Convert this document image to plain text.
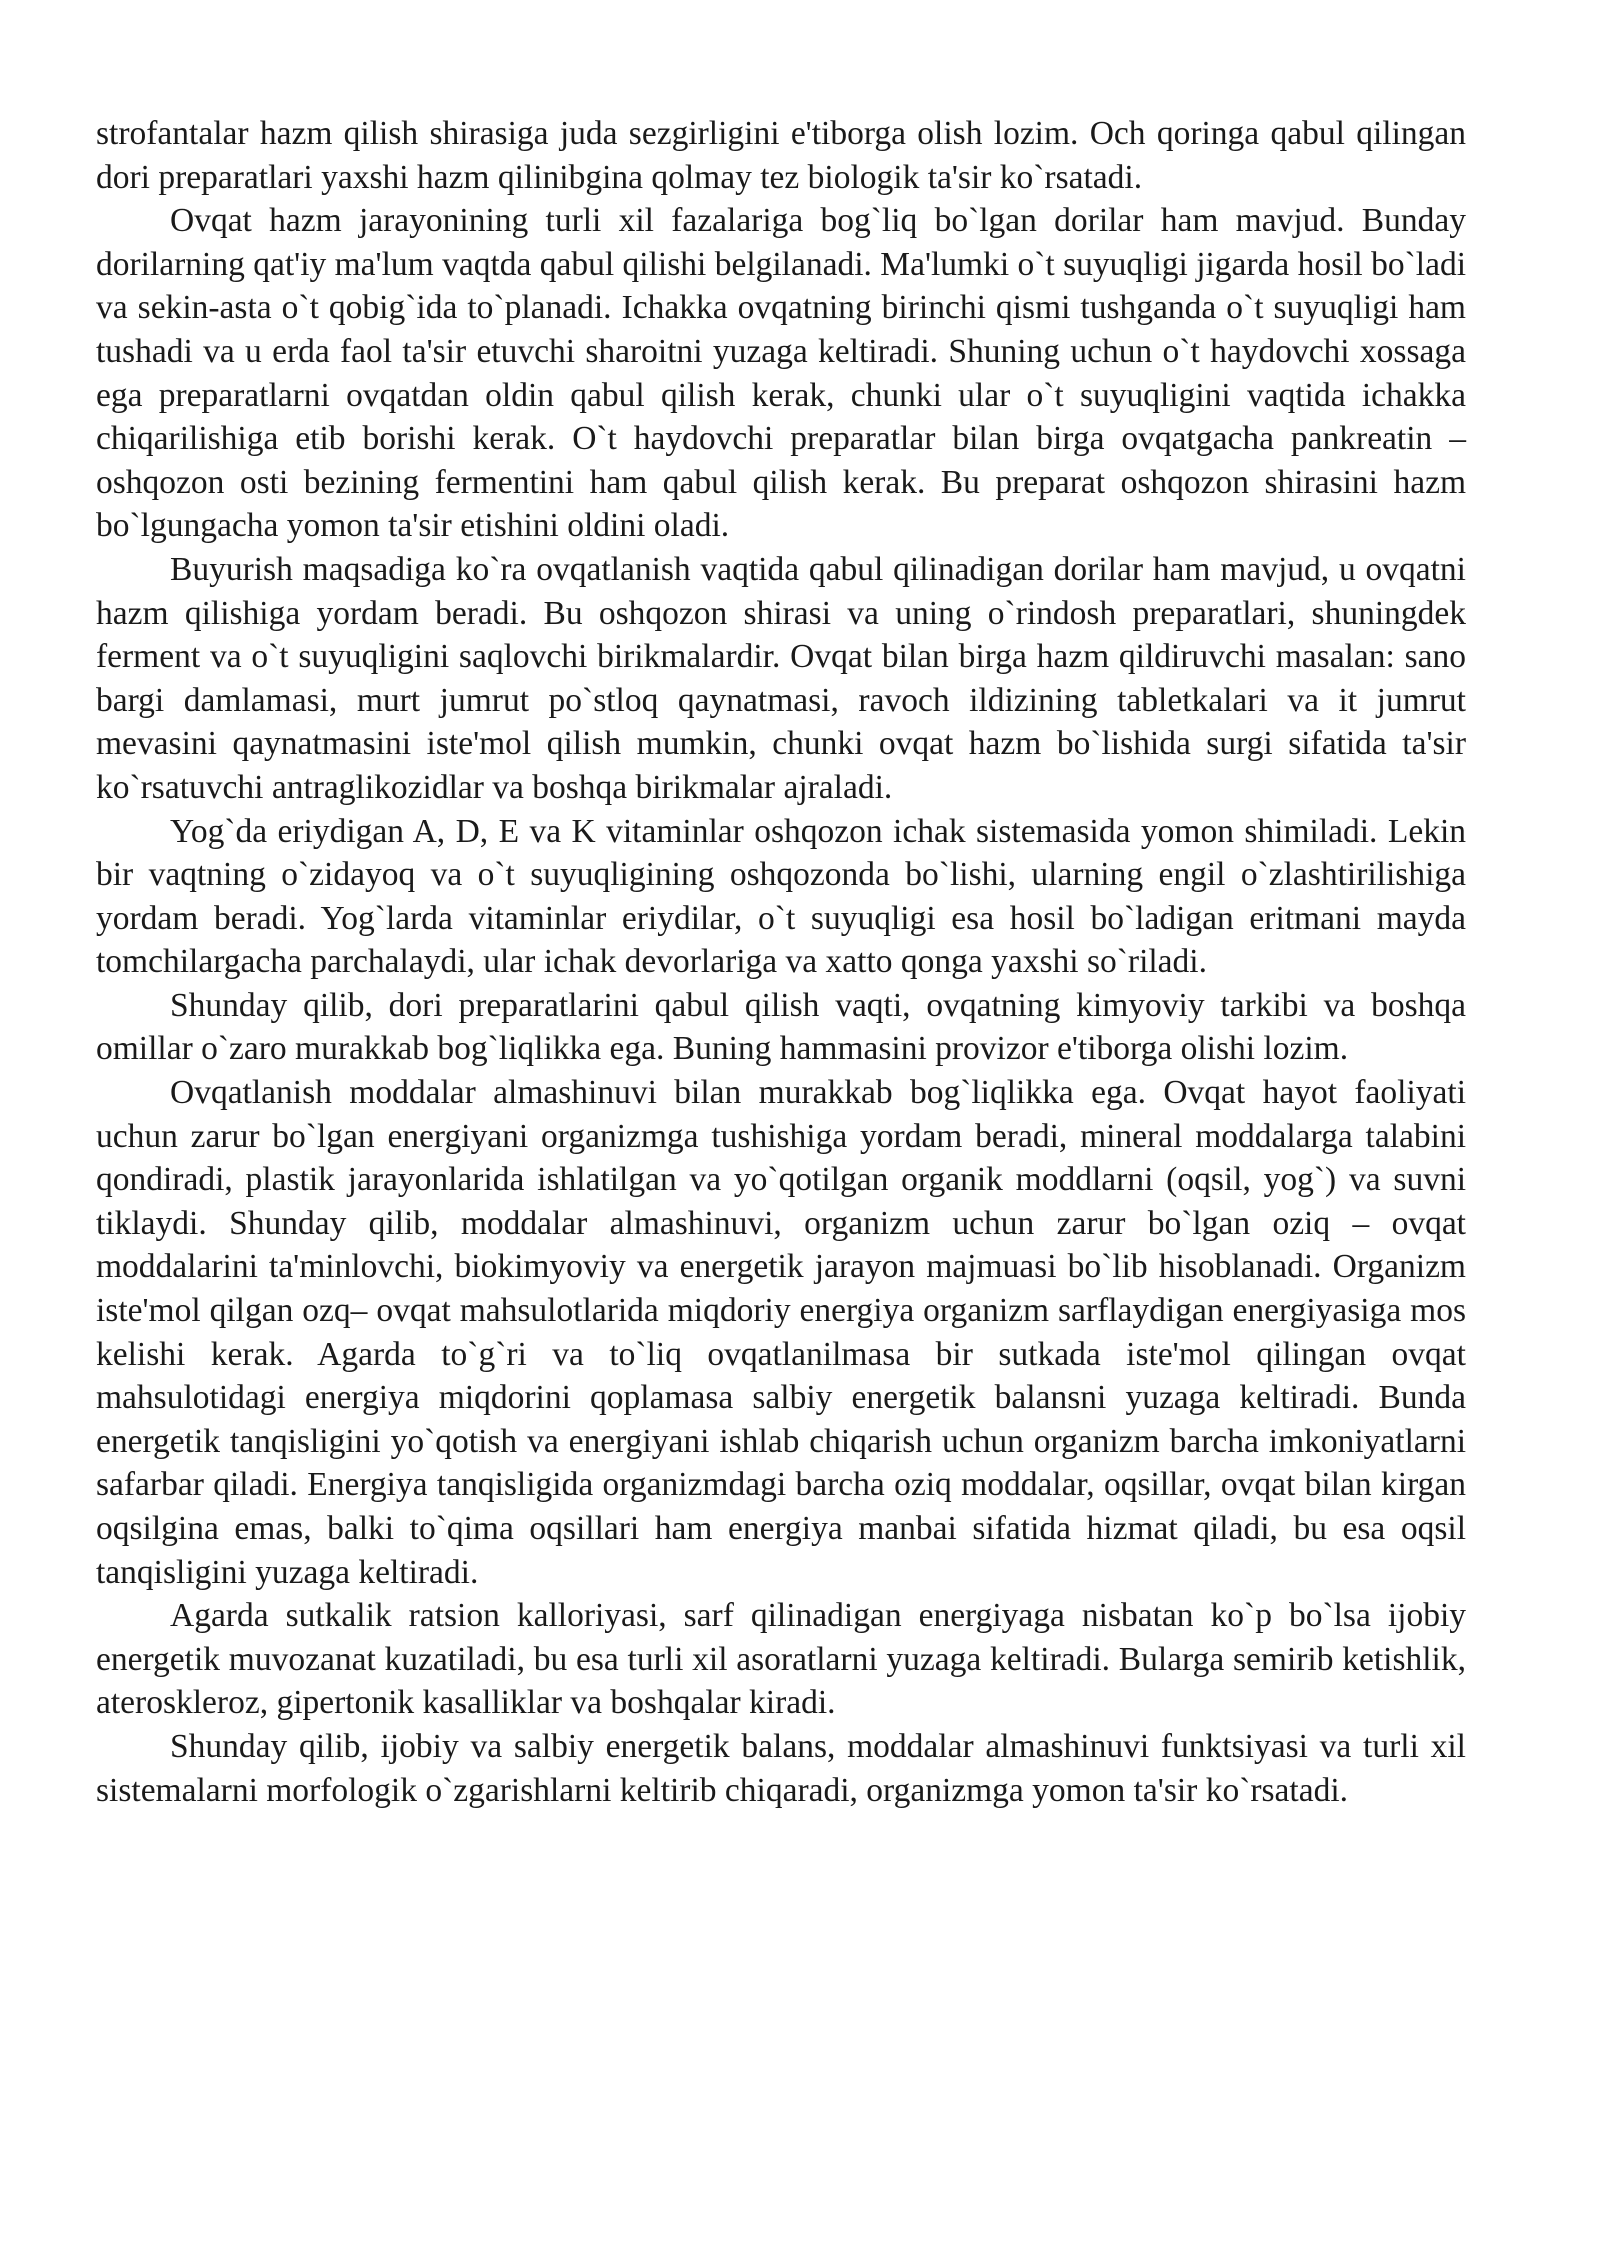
strofantalar hazm qilish shirasiga juda sezgirligini e'tiborga olish lozim. Och qoringa qabul qilingan dori preparatlari yaxshi hazm qilinibgina qolmay tez biologik ta'sir ko`rsatadi.

Ovqat hazm jarayonining turli xil fazalariga bog`liq bo`lgan dorilar ham mavjud. Bunday dorilarning qat'iy ma'lum vaqtda qabul qilishi belgilanadi. Ma'lumki o`t suyuqligi jigarda hosil bo`ladi va sekin-asta o`t qobig`ida to`planadi. Ichakka ovqatning birinchi qismi tushganda o`t suyuqligi ham tushadi va u erda faol ta'sir etuvchi sharoitni yuzaga keltiradi. Shuning uchun o`t haydovchi xossaga ega preparatlarni ovqatdan oldin qabul qilish kerak, chunki ular o`t suyuqligini vaqtida ichakka chiqarilishiga etib borishi kerak. O`t haydovchi preparatlar bilan birga ovqatgacha pankreatin – oshqozon osti bezining fermentini ham qabul qilish kerak. Bu preparat oshqozon shirasini hazm bo`lgungacha yomon ta'sir etishini oldini oladi.

Buyurish maqsadiga ko`ra ovqatlanish vaqtida qabul qilinadigan dorilar ham mavjud, u ovqatni hazm qilishiga yordam beradi. Bu oshqozon shirasi va uning o`rindosh preparatlari, shuningdek ferment va o`t suyuqligini saqlovchi birikmalardir. Ovqat bilan birga hazm qildiruvchi masalan: sano bargi damlamasi, murt jumrut po`stloq qaynatmasi, ravoch ildizining tabletkalari va it jumrut mevasini qaynatmasini iste'mol qilish mumkin, chunki ovqat hazm bo`lishida surgi sifatida ta'sir ko`rsatuvchi antraglikozidlar va boshqa birikmalar ajraladi.

Yog`da eriydigan A, D, E va K vitaminlar oshqozon ichak sistemasida yomon shimiladi. Lekin bir vaqtning o`zidayoq va o`t suyuqligining oshqozonda bo`lishi, ularning engil o`zlashtirilishiga yordam beradi. Yog`larda vitaminlar eriydilar, o`t suyuqligi esa hosil bo`ladigan eritmani mayda tomchilargacha parchalaydi, ular ichak devorlariga va xatto qonga yaxshi so`riladi.

Shunday qilib, dori preparatlarini qabul qilish vaqti, ovqatning kimyoviy tarkibi va boshqa omillar o`zaro murakkab bog`liqlikka ega. Buning hammasini provizor e'tiborga olishi lozim.

Ovqatlanish moddalar almashinuvi bilan murakkab bog`liqlikka ega. Ovqat hayot faoliyati uchun zarur bo`lgan energiyani organizmga tushishiga yordam beradi, mineral moddalarga talabini qondiradi, plastik jarayonlarida ishlatilgan va yo`qotilgan organik moddlarni (oqsil, yog`) va suvni tiklaydi. Shunday qilib, moddalar almashinuvi, organizm uchun zarur bo`lgan oziq – ovqat moddalarini ta'minlovchi, biokimyoviy va energetik jarayon majmuasi bo`lib hisoblanadi. Organizm iste'mol qilgan ozq– ovqat mahsulotlarida miqdoriy energiya organizm sarflaydigan energiyasiga mos kelishi kerak. Agarda to`g`ri va to`liq ovqatlanilmasa bir sutkada iste'mol qilingan ovqat mahsulotidagi energiya miqdorini qoplamasa salbiy energetik balansni yuzaga keltiradi. Bunda energetik tanqisligini yo`qotish va energiyani ishlab chiqarish uchun organizm barcha imkoniyatlarni safarbar qiladi. Energiya tanqisligida organizmdagi barcha oziq moddalar, oqsillar, ovqat bilan kirgan oqsilgina emas, balki to`qima oqsillari ham energiya manbai sifatida hizmat qiladi, bu esa oqsil tanqisligini yuzaga keltiradi.

Agarda sutkalik ratsion kalloriyasi, sarf qilinadigan energiyaga nisbatan ko`p bo`lsa ijobiy energetik muvozanat kuzatiladi, bu esa turli xil asoratlarni yuzaga keltiradi. Bularga semirib ketishlik, ateroskleroz, gipertonik kasalliklar va boshqalar kiradi.

Shunday qilib, ijobiy va salbiy energetik balans, moddalar almashinuvi funktsiyasi va turli xil sistemalarni morfologik o`zgarishlarni keltirib chiqaradi, organizmga yomon ta'sir ko`rsatadi.
